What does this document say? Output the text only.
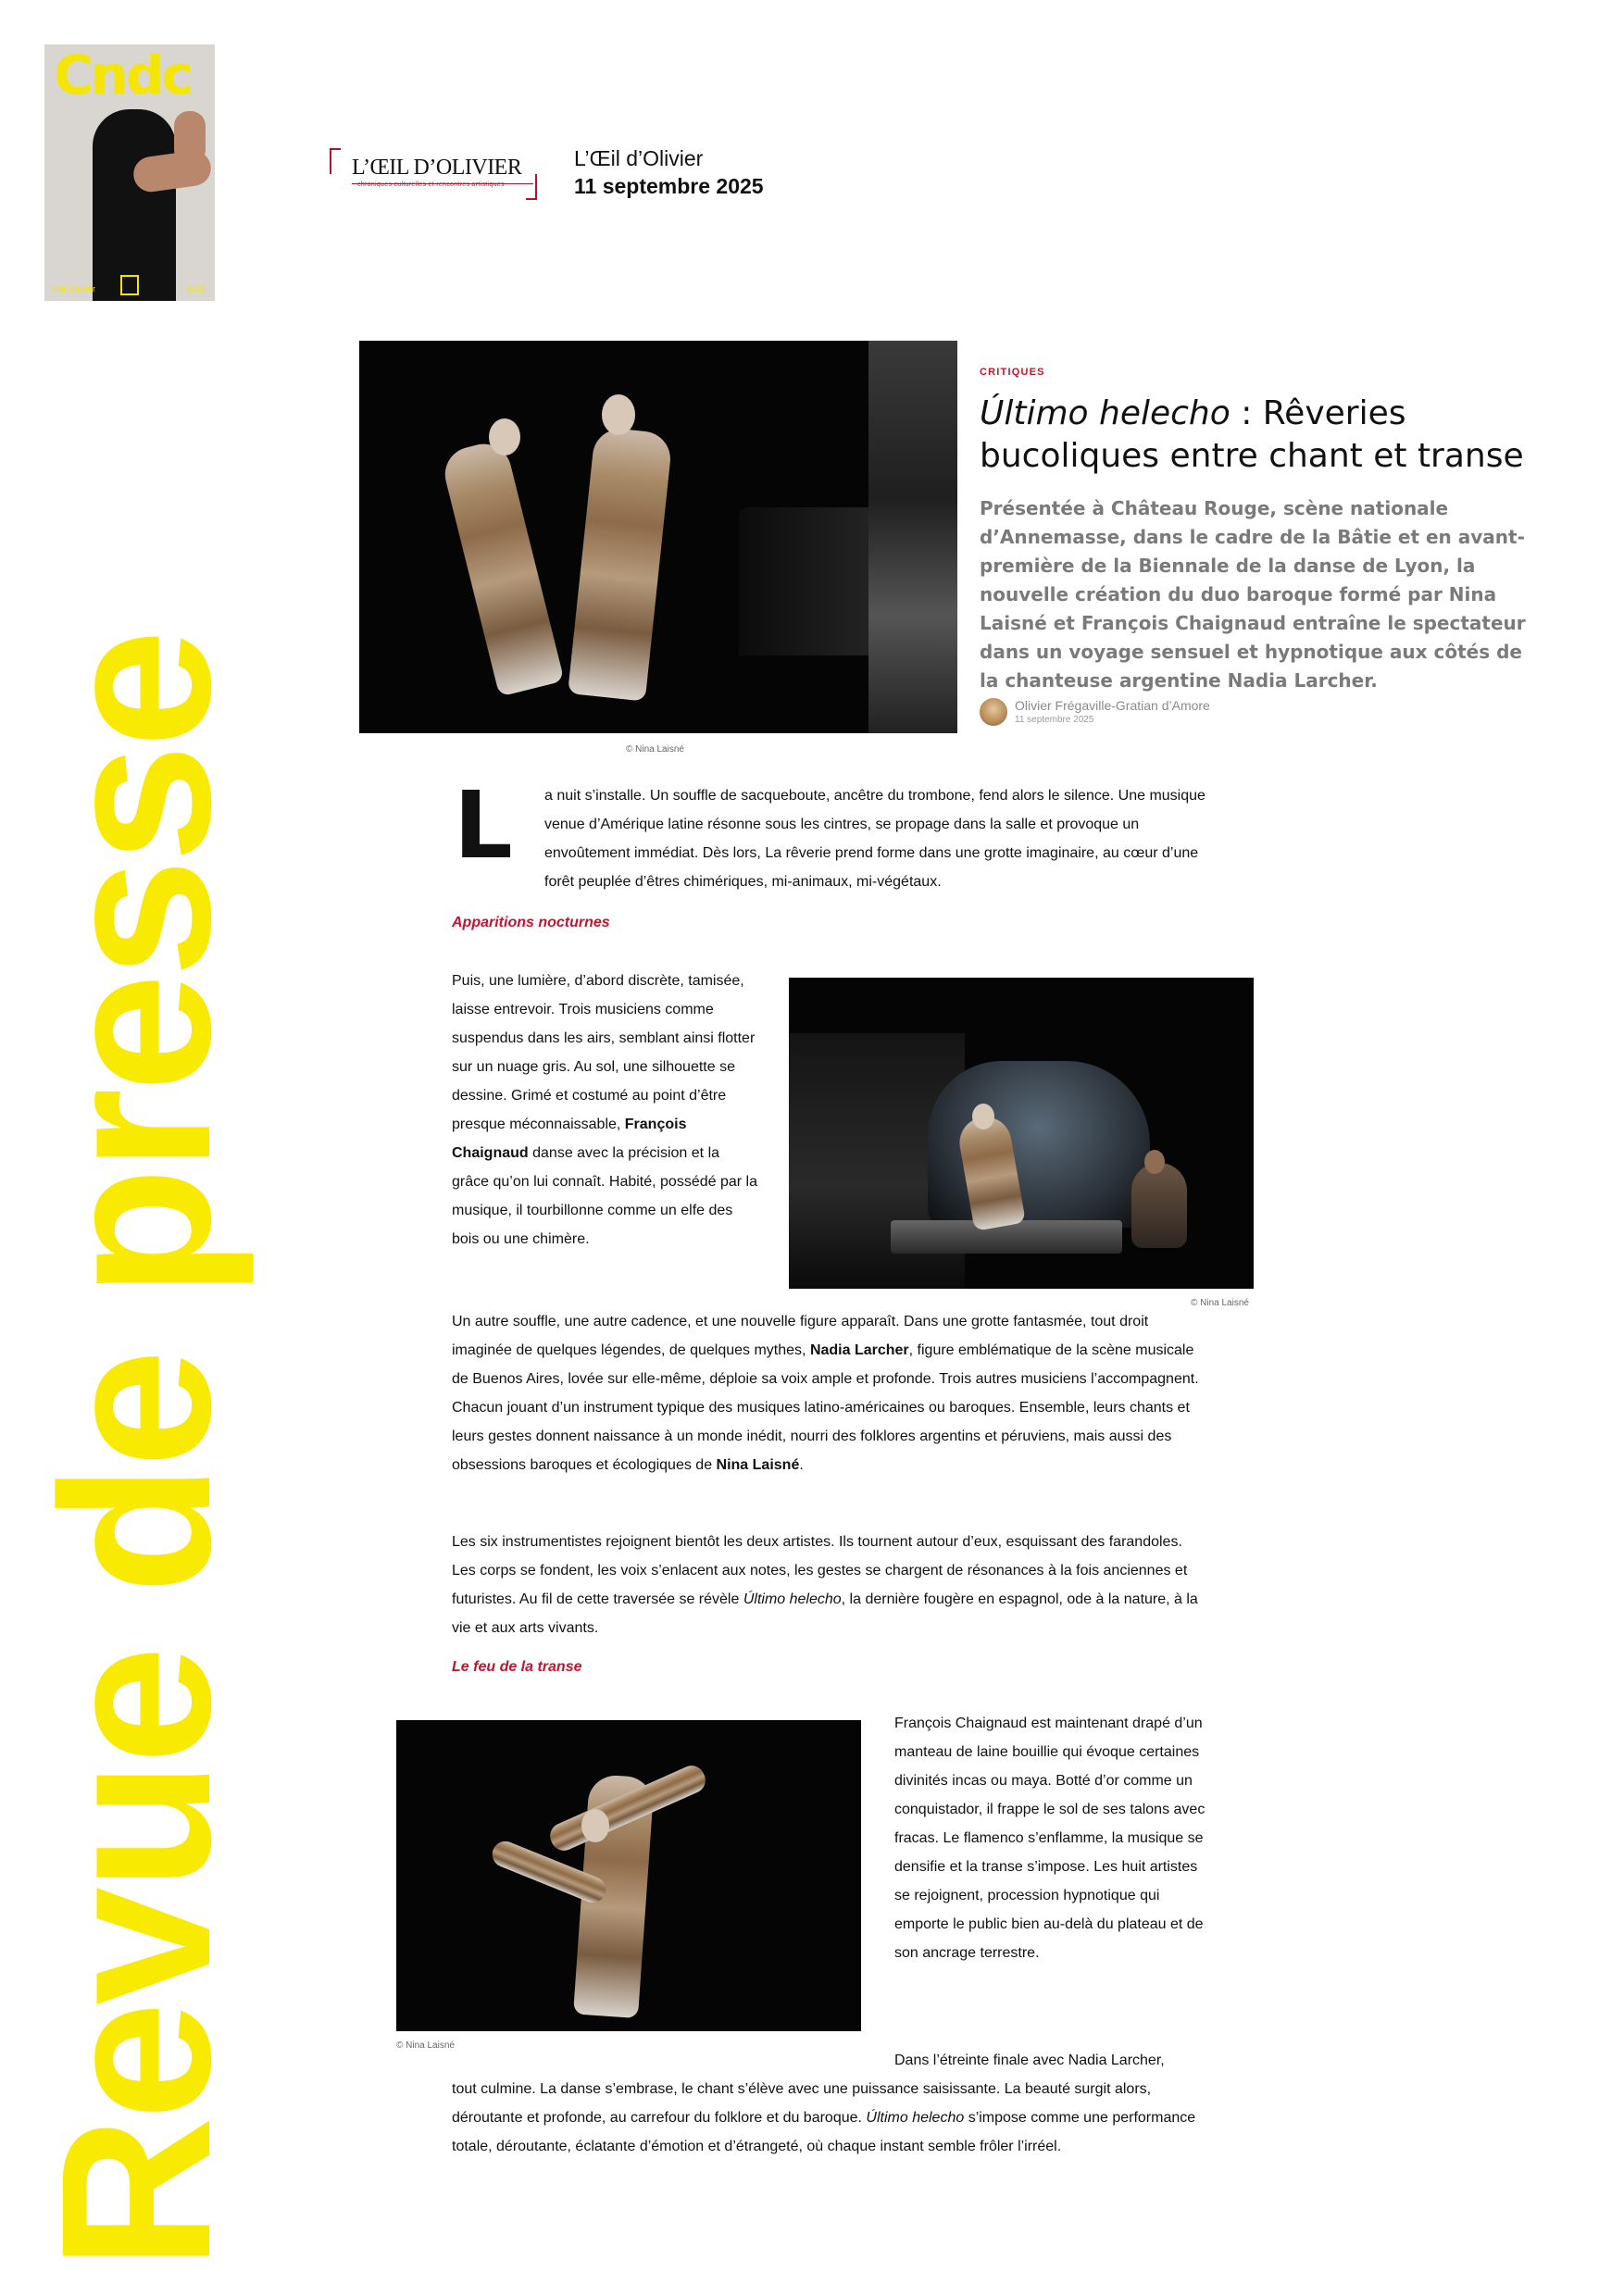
Cndc
Noé Soulier	2025
Revue de presse
L’ŒIL D’OLIVIER
chroniques culturelles et rencontres artistiques
L’Œil d’Olivier
11 septembre 2025
© Nina Laisné
CRITIQUES
Último helecho : Rêveries bucoliques entre chant et transe
Présentée à Château Rouge, scène nationale d’Annemasse, dans le cadre de la Bâtie et en avant-première de la Biennale de la danse de Lyon, la nouvelle création du duo baroque formé par Nina Laisné et François Chaignaud entraîne le spectateur dans un voyage sensuel et hypnotique aux côtés de la chanteuse argentine Nadia Larcher.
Olivier Frégaville-Gratian d’Amore
11 septembre 2025
L a nuit s’installe. Un souffle de sacqueboute, ancêtre du trombone, fend alors le silence. Une musique venue d’Amérique latine résonne sous les cintres, se propage dans la salle et provoque un envoûtement immédiat. Dès lors, La rêverie prend forme dans une grotte imaginaire, au cœur d’une forêt peuplée d’êtres chimériques, mi-animaux, mi-végétaux.
Apparitions nocturnes
Puis, une lumière, d’abord discrète, tamisée, laisse entrevoir. Trois musiciens comme suspendus dans les airs, semblant ainsi flotter sur un nuage gris. Au sol, une silhouette se dessine. Grimé et costumé au point d’être presque méconnaissable, François Chaignaud danse avec la précision et la grâce qu’on lui connaît. Habité, possédé par la musique, il tourbillonne comme un elfe des bois ou une chimère.
© Nina Laisné
Un autre souffle, une autre cadence, et une nouvelle figure apparaît. Dans une grotte fantasmée, tout droit imaginée de quelques légendes, de quelques mythes, Nadia Larcher, figure emblématique de la scène musicale de Buenos Aires, lovée sur elle-même, déploie sa voix ample et profonde. Trois autres musiciens l’accompagnent. Chacun jouant d’un instrument typique des musiques latino-américaines ou baroques. Ensemble, leurs chants et leurs gestes donnent naissance à un monde inédit, nourri des folklores argentins et péruviens, mais aussi des obsessions baroques et écologiques de Nina Laisné.
Les six instrumentistes rejoignent bientôt les deux artistes. Ils tournent autour d’eux, esquissant des farandoles. Les corps se fondent, les voix s’enlacent aux notes, les gestes se chargent de résonances à la fois anciennes et futuristes. Au fil de cette traversée se révèle Último helecho, la dernière fougère en espagnol, ode à la nature, à la vie et aux arts vivants.
Le feu de la transe
© Nina Laisné
François Chaignaud est maintenant drapé d’un manteau de laine bouillie qui évoque certaines divinités incas ou maya. Botté d’or comme un conquistador, il frappe le sol de ses talons avec fracas. Le flamenco s’enflamme, la musique se densifie et la transe s’impose. Les huit artistes se rejoignent, procession hypnotique qui emporte le public bien au-delà du plateau et de son ancrage terrestre.
Dans l’étreinte finale avec Nadia Larcher,
tout culmine. La danse s’embrase, le chant s’élève avec une puissance saisissante. La beauté surgit alors, déroutante et profonde, au carrefour du folklore et du baroque. Último helecho s’impose comme une performance totale, déroutante, éclatante d’émotion et d’étrangeté, où chaque instant semble frôler l’irréel.
